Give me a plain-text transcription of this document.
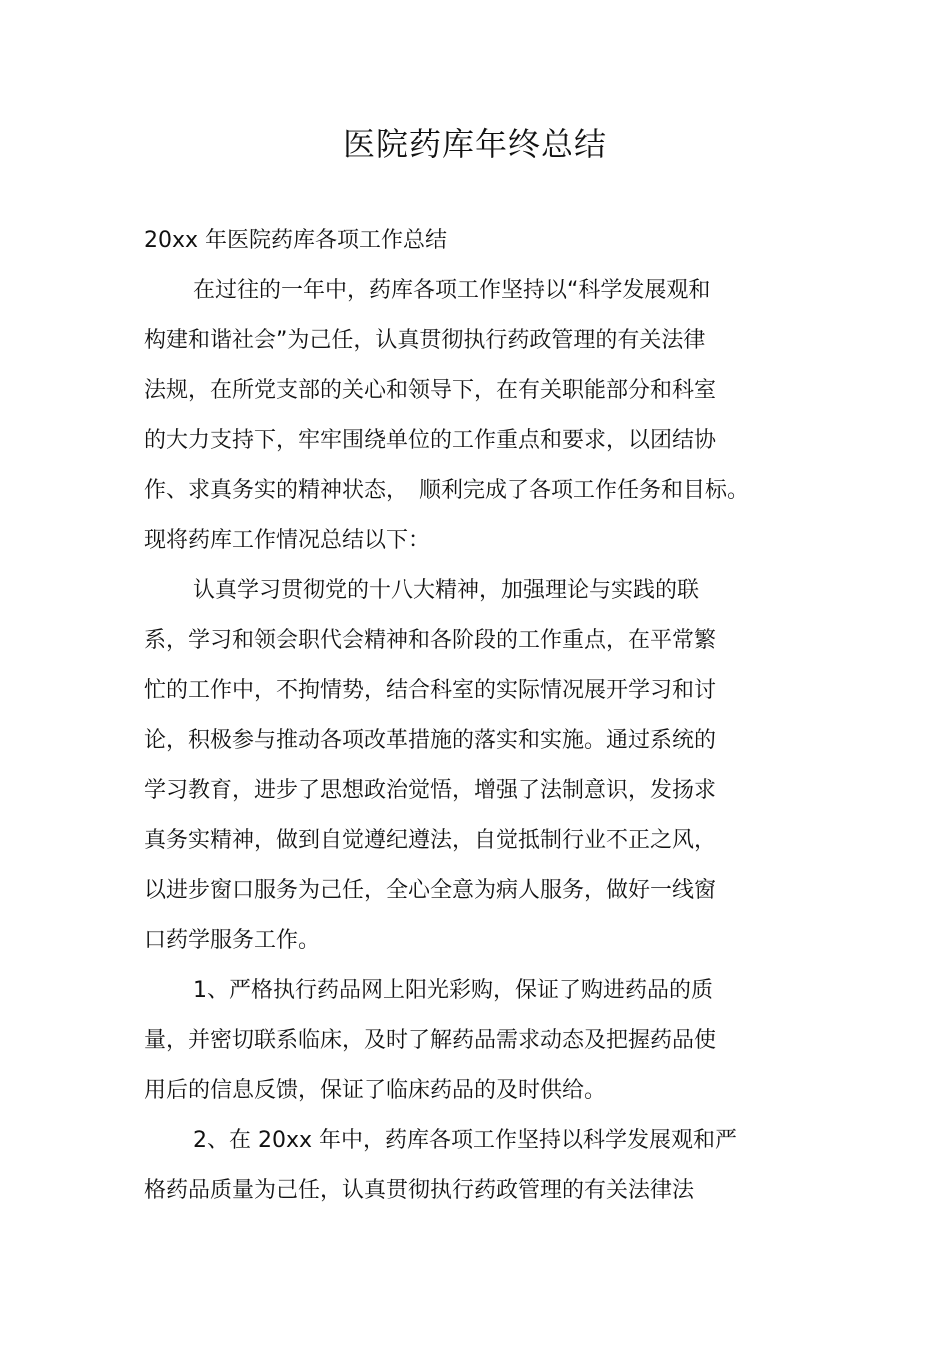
医院药库年终总结
20xx 年医院药库各项工作总结
在过往的一年中，药库各项工作坚持以“科学发展观和
构建和谐社会”为己任，认真贯彻执行药政管理的有关法律
法规，在所党支部的关心和领导下，在有关职能部分和科室
的大力支持下，牢牢围绕单位的工作重点和要求，以团结协
作、求真务实的精神状态，　顺利完成了各项工作任务和目标。
现将药库工作情况总结以下：
认真学习贯彻党的十八大精神，加强理论与实践的联
系，学习和领会职代会精神和各阶段的工作重点，在平常繁
忙的工作中，不拘情势，结合科室的实际情况展开学习和讨
论，积极参与推动各项改革措施的落实和实施。通过系统的
学习教育，进步了思想政治觉悟，增强了法制意识，发扬求
真务实精神，做到自觉遵纪遵法，自觉抵制行业不正之风，
以进步窗口服务为己任，全心全意为病人服务，做好一线窗
口药学服务工作。
1、严格执行药品网上阳光彩购，保证了购进药品的质
量，并密切联系临床，及时了解药品需求动态及把握药品使
用后的信息反馈，保证了临床药品的及时供给。
2、在 20xx 年中，药库各项工作坚持以科学发展观和严
格药品质量为己任，认真贯彻执行药政管理的有关法律法
